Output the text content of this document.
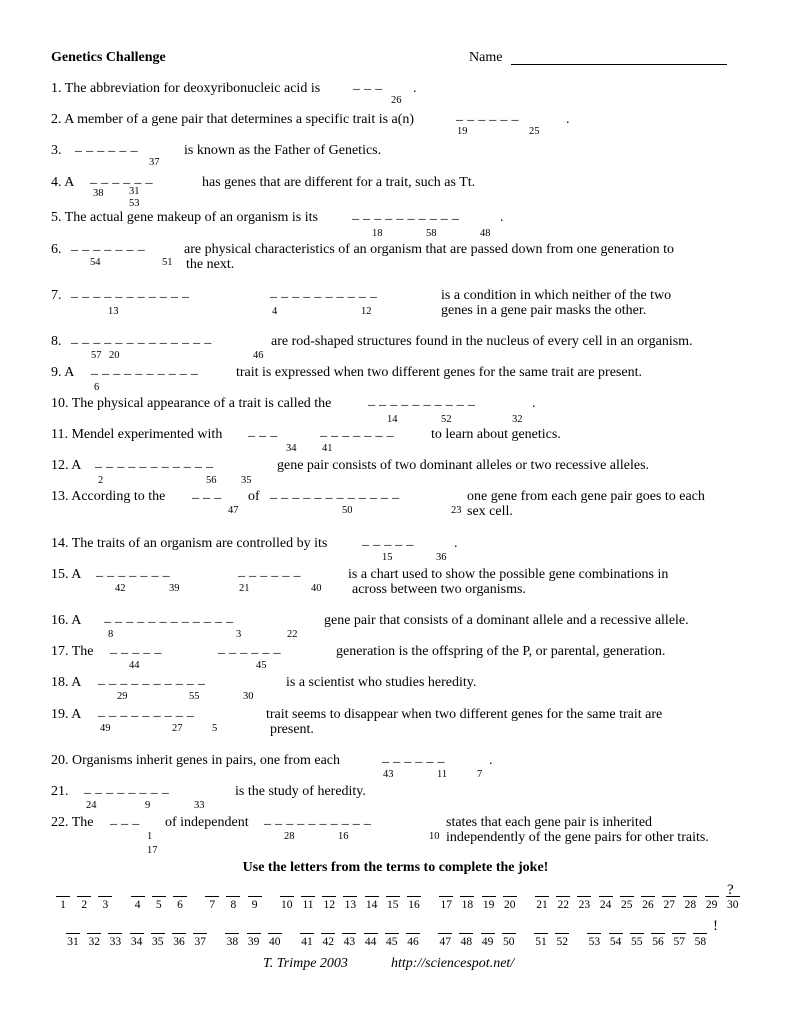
Genetics Challenge	Name
1. The abbreviation for deoxyribonucleic acid is _ _ _
26
.
2. A member of a gene pair that determines a specific trait is a(n)	_ _ _ _ _ _
19	25
.
3. _ _ _ _ _ _
37
is known as the Father of Genetics.
4. A _ _ _ _ _ _
38 31
53
has genes that are different for a trait, such as Tt.
5. The actual gene makeup of an organism is its _ _ _ _ _ _ _ _ _ _
18	58	48
.
6. _ _ _ _ _ _ _
54	51
are physical characteristics of an organism that are passed down from one generation to
the next.
7. _ _ _ _ _ _ _ _ _ _ _	_ _ _ _ _ _ _ _ _ _
13	4	12
is a condition in which neither of the two
genes in a gene pair masks the other.
8. _ _ _ _ _ _ _ _ _ _ _ _ _
57 20	46
are rod-shaped structures found in the nucleus of every cell in an organism.
9. A _ _ _ _ _ _ _ _ _ _
6
trait is expressed when two different genes for the same trait are present.
10. The physical appearance of a trait is called the	_ _ _ _ _ _ _ _ _ _
14	52	32
.
11. Mendel experimented with _ _ _	_ _ _ _ _ _ _
34 41
to learn about genetics.
12. A _ _ _ _ _ _ _ _ _ _ _
2	56 35
gene pair consists of two dominant alleles or two recessive alleles.
13. According to the _ _ _ of _ _ _ _ _ _ _ _ _ _ _ _
47	50	23
one gene from each gene pair goes to each
sex cell.
14. The traits of an organism are controlled by its _ _ _ _ _
15	36
.
15. A _ _ _ _ _ _ _	_ _ _ _ _ _
42	39	21	40
is a chart used to show the possible gene combinations in
across between two organisms.
16. A _ _ _ _ _ _ _ _ _ _ _ _
8	3	22
gene pair that consists of a dominant allele and a recessive allele.
17. The _ _ _ _ _	_ _ _ _ _ _
44	45
generation is the offspring of the P, or parental, generation.
18. A _ _ _ _ _ _ _ _ _ _
29	55	30
is a scientist who studies heredity.
19. A _ _ _ _ _ _ _ _ _
49	27	5
trait seems to disappear when two different genes for the same trait are
present.
20. Organisms inherit genes in pairs, one from each	_ _ _ _ _ _
43	11	7
.
21. _ _ _ _ _ _ _ _
24	9	33
is the study of heredity.
22. The _ _ _
1
17
of independent _ _ _ _ _ _ _ _ _ _
28	16	10
states that each gene pair is inherited
independently of the gene pairs for other traits.
Use the letters from the terms to complete the joke!
?
!
T. Trimpe 2003	http://sciencespot.net/
1	2	3	4	5	6	7	8	9	10 11 12 13 14 15 16	17 18 19 20	21 22 23 24 25 26 27 28 29 30
31 32 33 34 35 36 37	38 39 40	41 42 43 44 45 46	47 48 49 50	51 52	53 54 55 56 57 58
